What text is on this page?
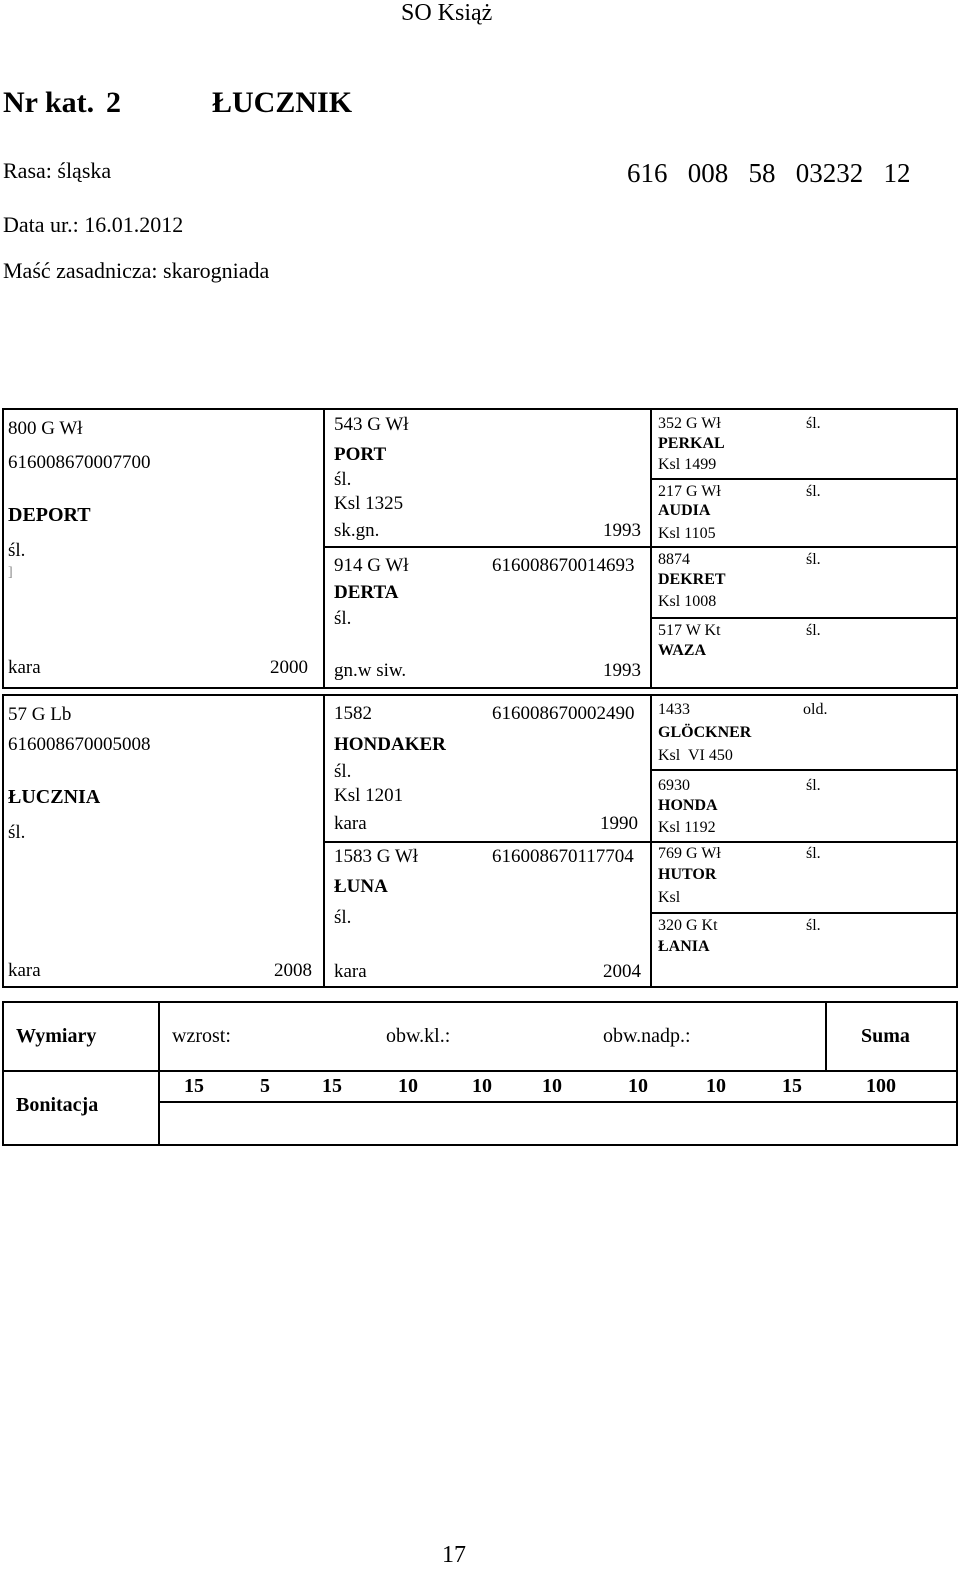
SO Książ
Nr kat. 2	ŁUCZNIK
Rasa: śląska	616   008   58   03232   12
Data ur.: 16.01.2012
Maść zasadnicza: skarogniada
800 G Wł
616008670007700
DEPORT
śl.
]
kara	2000
543 G Wł
PORT
śl.
Ksl 1325
sk.gn.	1993
914 G Wł	616008670014693
DERTA
śl.
gn.w siw.	1993
352 G Wł	śl.
PERKAL
Ksl 1499
217 G Wł	śl.
AUDIA
Ksl 1105
8874	śl.
DEKRET
Ksl 1008
517 W Kt	śl.
WAZA
57 G Lb
616008670005008
ŁUCZNIA
śl.
kara	2008
1582	616008670002490
HONDAKER
śl.
Ksl 1201
kara	1990
1583 G Wł	616008670117704
ŁUNA
śl.
kara	2004
1433	old.
GLÖCKNER
Ksl  VI 450
6930	śl.
HONDA
Ksl 1192
769 G Wł	śl.
HUTOR
Ksl
320 G Kt	śl.
ŁANIA
Wymiary	wzrost:	obw.kl.:	obw.nadp.:	Suma
Bonitacja
15	5	15	10	10	10	10	10	15	100
17
